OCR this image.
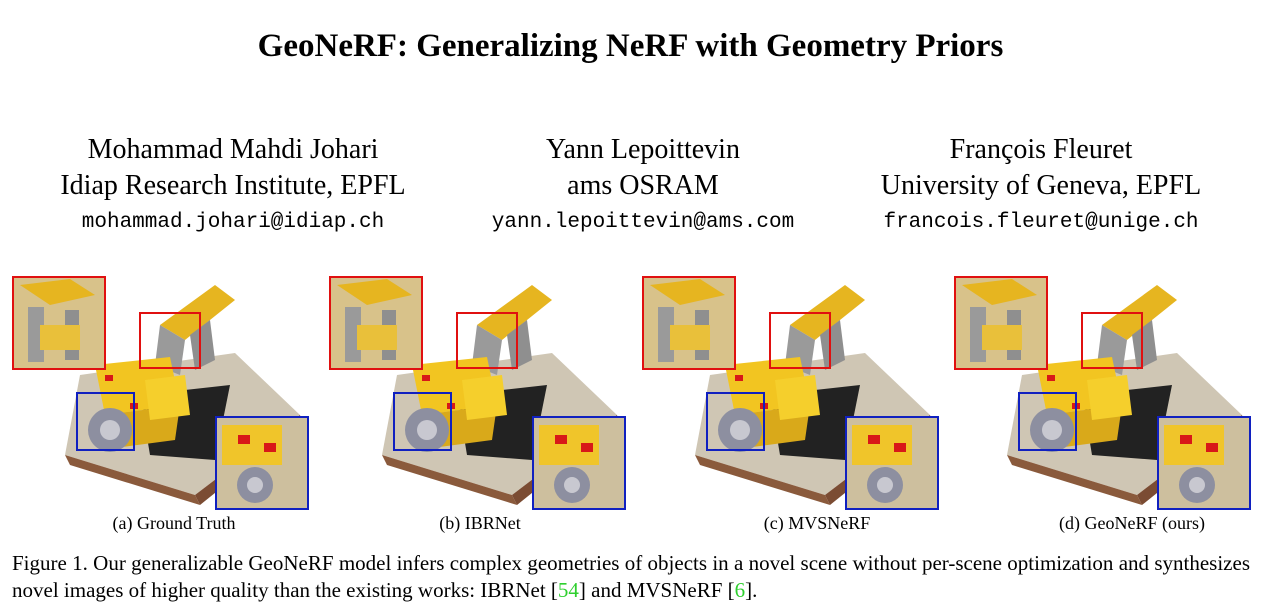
GeoNeRF: Generalizing NeRF with Geometry Priors
Mohammad Mahdi Johari
Idiap Research Institute, EPFL
mohammad.johari@idiap.ch
Yann Lepoittevin
ams OSRAM
yann.lepoittevin@ams.com
François Fleuret
University of Geneva, EPFL
francois.fleuret@unige.ch
(a) Ground Truth	(b) IBRNet	(c) MVSNeRF	(d) GeoNeRF (ours)
Figure 1. Our generalizable GeoNeRF model infers complex geometries of objects in a novel scene without per-scene optimization and synthesizes novel images of higher quality than the existing works: IBRNet [54] and MVSNeRF [6].
